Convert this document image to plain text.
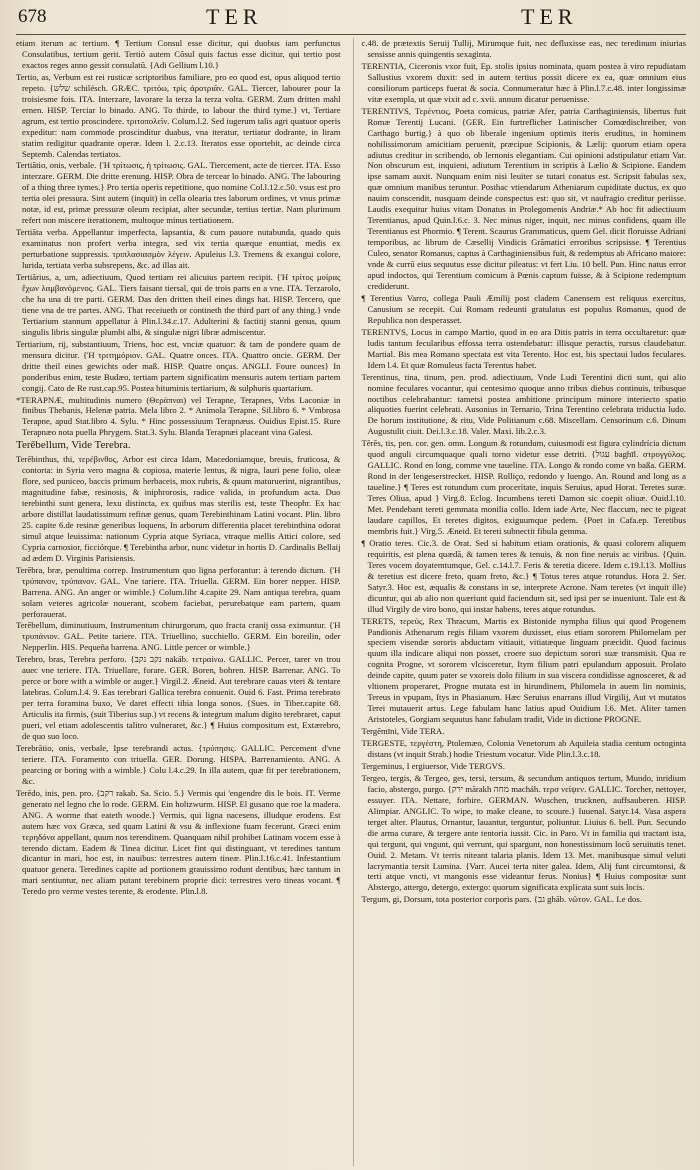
678	TER	TER

etiam iterum ac tertium. ¶ Tertium Consul esse dicitur, qui duobus iam perfunctus Consulatibus, tertium gerit. Tertiò autem Cōsul quis factus esse dicitur, qui tertio post exactos reges anno gessit consulatū. {Adi Gellium l.10.}

Tertio, as, Verbum est rei rusticæ scriptoribus familiare, pro eo quod est, opus aliquod tertio repeto. {שלש schilésch. GRÆC. τριτόω, τρὶς ἀροτριᾶν. GAL. Tiercer, labourer pour la troisiesme fois. ITA. Interzare, lavorare la terza la terza volta. GERM. Zum dritten mahl ernen. HISP. Terciar lo binado. ANG. To thirde, to labour the third tyme.} vt, Tertiare agrum, est tertio proscindere. τριτοπολεῖν. Colum.l.2. Sed iugerum talis agri quatuor operis expeditur: nam commode proscinditur duabus, vna iteratur, tertiatur dodrante, in liram statim redigitur quadrante operæ. Idem l. 2.c.13. Iteratos esse oportebit, ac deinde circa Septemb. Calendas tertiatos.

Tertiātio, onis, verbale. {Ἡ τρίτωσις, ἡ τρίτωσις. GAL. Tiercement, acte de tiercer. ITA. Esso interzare. GERM. Die dritte erenung. HISP. Obra de tercear lo binado. ANG. The labouring of a thing three tymes.} Pro tertia operis repetitione, quo nomine Col.l.12.c.50. vsus est pro tertia olei pressura. Sint autem (inquit) in cella olearia tres laborum ordines, vt vnus primæ notæ, id est, primæ pressuræ oleum recipiat, alter secundæ, tertius tertiæ. Nam plurimum refert non miscere iterationem, multoque minus tertiationem.

Tertiāta verba. Appellantur imperfecta, lapsantia, & cum pauore nutabunda, quado quis examinatus non profert verba integra, sed vix tertia quæque enuntiat, medis ex perturbatione suppressis. τριπλασιασμὸν λέγειν. Apuleius l.3. Tremens & exangui colore, lurida, tertiata verba subsrepens, &c. ad illas ait.

Tertiārius, a, um, adiectiuum, Quod tertiam rei alicuius partem recipit. {Ἡ τρίτος μοίρας ἔχων λαμβανόμενος. GAL. Tiers faisant tiersal, qui de trois parts en a vne. ITA. Terzarolo, che ha una di tre parti. GERM. Das den dritten theil eines dings hat. HISP. Tercero, que tiene vna de tre partes. ANG. That receiueth or contineth the third part of any thing.} vnde Tertiarium stannum appellatur à Plin.l.34.c.17. Adulterini & factitij stanni genus, quum singulis libris singulæ plumbi albi, & singulæ nigri libræ admiscentur.

Tertiarium, rij, substantiuum, Triens, hoc est, vnciæ quatuor: & tam de pondere quam de mensura dicitur. {Ἡ τριτημόριον. GAL. Quatre onces. ITA. Quattro oncie. GERM. Der dritte theil eines gewichts oder maß. HISP. Quatre onças. ANGLI. Foure ounces} In ponderibus enim, teste Budæo, tertiam partem significatim mensuris autem tertiam partem congij. Cato de Re rust.cap.95. Postea bituminis tertiarium, & sulphuris quartarium.

*TERAPNÆ, multitudinis numero (Θεράπναι) vel Terapne, Terapnes, Vrbs Laconiæ in finibus Thebanis, Helenæ patria. Mela libro 2. * Anímola Terapne. Sil.libro 6. * Vmbrosa Terapne, apud Stat.libro 4. Sylu. * Hinc possessiuum Terapnæus. Ouidius Epist.15. Rure Terapnæo nota puella Phrygem. Stat.3. Sylu. Blanda Terapnæi placeant vina Galesi.

Terēbellum, Vide Terebra.

Terēbinthus, thi, τερέβινθος, Arbor est circa Idam, Macedoniamque, breuis, fruticosa, & contorta: in Syria vero magna & copiosa, materie lentus, & nigra, lauri pene folio, oleæ flore, sed puniceo, baccis primum herbaceis, mox rubris, & quum maturuerint, nigrantibus, magnitudine fabæ, resinosis, & iniphrorosis, radice valida, in profundum acta. Duo terebinthi sunt genera, lexu distincta, ex quibus mas sterilis est, teste Theophr. Ex hac arbore distillat laudatissimum refinæ genus, quam Terebinthinam Latini vocant. Plin. libro 25. capite 6.de resinæ generibus loquens, In arborum differentia placet terebinthina odorat simul atque leuissima: nationum Cypria atque Syriaca, vtraque mellis Attici colore, sed Cypria carnosior, ficciórque. ¶ Terebintha arbor, nunc videtur in hortis D. Cardinalis Bellaij ad ædem D. Virginis Parisiensis.

Terēbra, bræ, penultima correp. Instrumentum quo ligna perforantur: à terendo dictum. {Ἡ τρύπανον, τρύπανον. GAL. Vne tariere. ITA. Triuella. GERM. Ein borer nepper. HISP. Barrena. ANG. An anger or wimble.} Colum.libr 4.capite 29. Nam antiqua terebra, quam solam veteres agricolæ nouerant, scobem faciebat, perurebatque eam partem, quam perforauerat.

Terēbellum, diminutiuum, Instrumentum chirurgorum, quo fracta cranij ossa eximuntur. {Ἡ τρυπάνιον. GAL. Petite tariere. ITA. Triuellino, succhiello. GERM. Ein boreilin, oder Nepperlin. HIS. Pequeña barrena. ANG. Little percer or wimble.}

Terebro, bras, Terebra perforo. {נקב נקב nakáb. τετραίνω. GALLIC. Percer, tarer vn trou auec vne teriere. ITA. Triuellare, forare. GER. Boren, bohren. HISP. Barrenar. ANG. To perce or bore with a wimble or auger.} Virgil.2. Æneid. Aut terebrare cauas vteri & tentare latebras. Colum.l.4. 9. Eas terebrari Gallica terebra conuenit. Ouid 6. Fast. Prima terebrato per terra foramina buxo, Ve daret effecti tibia longa sonos. {Sues. in Tiber.capite 68. Articulis ita firmis, (suit Tiberius sup.) vt recens & integrum malum digito terebraret, caput pueri, vel etiam adolescentis talitro vulneraret, &c.} ¶ Huius compositum est, Extærebro, de quo suo loco.

Terebrātio, onis, verbale, Ipse terebrandi actus. {τρύπησις. GALLIC. Percement d'vne teriere. ITA. Foramento con triuella. GER. Dorung. HISPA. Barrenamiento. ANG. A pearcing or boring with a wimble.} Colu l.4.c.29. In illa autem, quæ fit per terebrationem, &c.

Terēdo, inis, pen. pro. {רקב rakab. Sa. Scio. 5.} Vermis qui 'engendre dis le bois. IT. Verme generato nel legno che lo rode. GERM. Ein holtzwurm. HISP. El gusano que roe la madera. ANG. A worme that eateth woode.} Vermis, qui ligna nacesens, illudque erodens. Est autem hæc vox Græca, sed quam Latini & vsu & inflexione fuam fecerunt. Græci enim τερηδόνα appellant, quum nos terendinem. Quanquam nihil prohibet Latinam vocem esse à terendo dictam. Eadem & Tinea dicitur. Licet fint qui distinguant, vt teredines tantum dicantur in mari, hoc est, in nauibus: terrestres autem tineæ. Plin.l.16.c.41. Infestantium quatuor genera. Teredines capite ad portionem grauissimo rodunt dentibus, hæc tantum in mari sentiuntur, nec aliam putant terebinem proprie dici: terrestres vero tineas vocant. ¶ Teredo pro verme vestes terente, & erodente. Plin.l.8.

c.48. de prætextis Seruij Tullij, Mirumque fuit, nec defluxisse eas, nec teredinum iniurias sensisse annis quingentis sexaginta.

TERENTIA, Ciceronis vxor fuit, Ep. stolis ipsius nominata, quam postea à viro repudiatam Sallustius vxorem duxit: sed in autem tertius possit dicere ex ea, quæ omnium eius consiliorum particeps fuerat & socia. Connumeratur hæc à Plin.l.7.c.48. inter longissimæ vitæ exempla, ut quæ vixit ad c. xvii. annum dicatur peruenisse.

TERENTIVS, Τερέντιος, Poeta comicus, patriæ Afer, patria Carthaginiensis, libertus fuit Romæ Terentij Lucani. {GER. Ein furtreflicher Latinischer Comœdischreiber, von Carthago burtig.} à quo ob liberale ingenium optimis iteris eruditus, in hominem nobilissimorum amicitiam peruenit, præcipue Scipionis, & Lælij: quorum etiam opera adiutus creditur in scribendo, ob lernonis elegantiam. Cui opinioni adstipulatur etiam Var. Non obscurum est, inquieni, adiutum Terentium in scriptis à Lælio & Scipione. Eandem ipse samam auxit. Nunquam enim nisi leuiter se tutari conatus est. Scripsit fabulas sex, quæ omnium manibus teruntur. Posthac vtiendarum Atheniarum cupiditate ductus, ex quo nauim conscendit, nusquam deinde conspectus est: quo sit, vt naufragio creditur periisse. Laudis exequitur huius vitam Donatus in Prolegomenis Andriæ.* Ab hoc fit adiectiuum Terentianus, apud Quin.l.6.c. 3. Nec minus niger, inquit, nec minus confidens, quam ille Terentianus est Phormio. ¶ Terent. Scaurus Grammaticus, quem Gel. dicit floruisse Adriani temporibus, ac librum de Cæsellij Vindicis Grāmatici erroribus scripsisse. ¶ Terentius Culeo, senator Romanus, captus à Carthaginiensibus fuit, & redemptus ab Africano maiore: vnde & currū eius sequutus esse dicitur pileatus: vt fert Liu. 10 bell. Pun. Hinc natus error apud indoctos, qui Terentium comicum à Pœnis captum fuisse, & à Scipione redemptum crediderunt.

¶ Terentius Varro, collega Pauli Æmilij post cladem Canensem est reliquus exercitus, Canusium se recepit. Cui Romam redeunti gratulatus est populus Romanus, quod de Republica non desperasset.

TERENTVS, Locus in campo Martio, quod in eo ara Ditis patris in terra occultaretur: quæ ludis tantum fecularibus effossa terra ostendebatur: illisque peractis, rursus claudebatur. Martial. Bis mea Romano spectata est vita Terento. Hoc est, bis spectaui ludos feculares. Idem l.4. Et quæ Romuleus facta Terentus habet.

Terentinus, tina, tinum, pen. prod. adiectiuum, Vnde Ludi Terentini dicti sunt, qui alio nomine feculares vocantur, qui centesimo quoque anno tribus diebus continuis, tribusque noctibus celebrabantur: tametsi postea ambitione principum minore interiecto spatio aliquoties fuerint celebrati. Ausonius in Ternario, Trina Terentino celebrata triductia ludo. De horum institutione, & ritu, Vide Politianum c.68. Miscellam. Censorinum c.6. Dinum Augustulit ciuit. Dei.l.3.c.18. Valer. Maxi. lib.2.c.3.

Tĕrĕs, tis, pen. cor. gen. omn. Longum & rotundum, cuiusmodi est figura cylindrícia dictum quod anguli circumquaque quali torno videtur esse detriti. {עגול baghīl. στρογγύλος. GALLIC. Rond en long, comme vne taueline. ITA. Longo & rondo come vn baßa. GERM. Rond in der lengeserstrecket. HISP. Rolliço, redondo y luengo. An. Round and long as a taueline.} ¶ Teres est rotundum cum procerítate, inquis Seruius, apud Horat. Teretes suræ. Teres Oliua, apud } Virg.8. Eclog. Incumbens tereti Damon sic coepit oliuæ. Ouid.l.10. Met. Pendebant tereti gemmata monilia collo. Idem iade Arte, Nec flaccum, nec te pigeat laudare capillos, Et teretes digitos, exiguumque pedem. {Poet in Cafa.ep. Teretibus membris fuit.} Virg.5. Æneid. Et tereti subnectit fibula gemma.

¶ Oratio teres. Cic.3. de Orat. Sed si habitum etiam orationis, & quasi colorem aliquem requiritis, est plena quædā, & tamen teres & tenuis, & non fine neruis ac viribus. {Quin. Teres vocem doyatemtumque, Gel. c.14.l.7. Feris & teretia dicere. Idem c.19.l.13. Mollius & teretius est dicere freto, quam freto, &c.} ¶ Totus teres atque rotundus. Hora 2. Ser. Satyr.3. Hoc est, æqualis & constans in se, interprete Acrone. Nam teretes (vt inquit ille) dicuntur, qui ab alio non quæriunt quid faciendum sit, sed ipsi per se inueniunt. Tale est & illud Virgily de viro bono, qui instar habens, teres atque rotundus.

TERETS, τερεύς, Rex Thracum, Martis ex Bistonide nympha filius qui quod Progenem Pandionis Athenarum regis filiam vxorem duxisset, eius etiam sororem Philomelam per speciem visendæ sororis abductam vitiauit, vitiatæque linguam præcidit. Quod facinus quum illa indicare aliqui non posset, croere suo depictum sorori suæ transmisit. Qua re cognita Progne, vt sororem vlcisceretur, Itym filium patri epulandum apposuit. Prolato deinde capite, quum pater se vxoreis dolo filium in sua viscera condidisse agnosceret, & ad vltionem properaret, Progne mutata est in hirundinem, Philomela in auem lin nominis, Tereus in vpupam, Itys in Phasianum. Hæc Seruius enarrans illud Virgilij, Aut vt mutatos Terei mutauerit artus. Lege fabulam hanc latius apud Ouidium l.6. Met. Aliter tamen Aristoteles, Gorgiam sequutus hanc fabulam tradit, Vide in dictione PROGNE.

Tergĕmīni, Vide TERA.

TERGESTE, τεργέστη, Ptolemæo, Colonia Venetorum ab Aquileia stadia centum octoginta distans (vt inquit Strab.) hodie Triestum vocatur. Vide Plin.l.3.c.18.

Tergeminus, I ergiuersor, Vide TERGVS.

Tergeo, tergis, & Tergeo, ges, tersi, tersum, & secundum antiquos tertum, Mundo, inridium facio, abstergo, purgo. {ירק mārakh מחה macháh. τερσ νείψεν. GALLIC. Torcher, nettoyer, essuyer. ITA. Nettare, forbire. GERMAN. Wuschen, trucknen, auffsauberen. HISP. Alimpiar. ANGLIC. To wipe, to make cleane, to scoure.} Iuuenal. Satyr.14. Vasa aspera terget alter. Plautus, Ornantur, lauantur, terguntur, poliuntur. Liuius 6. bell. Pun. Secundo die arma curare, & tergere ante tentoria iussit. Cic. in Paro. Vt in familia qui tractant ista, qui tergunt, qui vngunt, qui verrunt, qui spargunt, non honestissimum locū seruitutis tenet. Ouid. 2. Metam. Vt terris niteant talaria planis. Idem 13. Met. manibusque simul veluti lacrymantia tersit Lumina. {Varr. Aucei terta niter galea. Idem, Alij funt circumtonsi, & terti atque vncti, vt mangonis esse videantur ferus. Nonius} ¶ Huius compositæ sunt Abstergo, attergo, detergo, extergo: quorum significata explicata sunt suis locis.

Tergum, gi, Dorsum, tota posterior corporis pars. {גב ghāb. νῶτον. GAL. Le dos.
